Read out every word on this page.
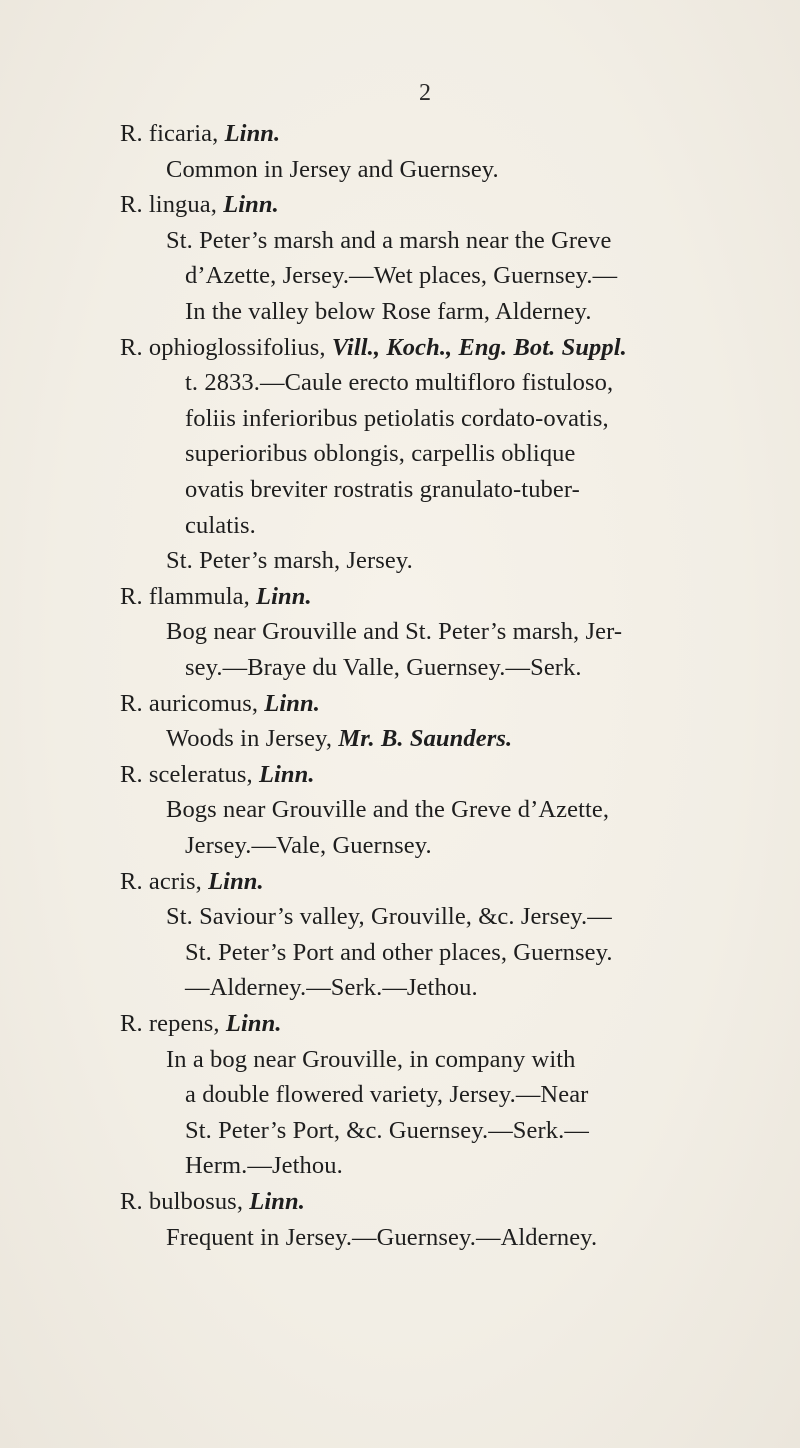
2
R. ficaria, Linn.
Common in Jersey and Guernsey.
R. lingua, Linn.
St. Peter’s marsh and a marsh near the Greve
d’Azette, Jersey.—Wet places, Guernsey.—
In the valley below Rose farm, Alderney.
R. ophioglossifolius, Vill., Koch., Eng. Bot. Suppl.
t. 2833.—Caule erecto multifloro fistuloso,
foliis inferioribus petiolatis cordato-ovatis,
superioribus oblongis, carpellis oblique
ovatis breviter rostratis granulato-tuber-
culatis.
St. Peter’s marsh, Jersey.
R. flammula, Linn.
Bog near Grouville and St. Peter’s marsh, Jer-
sey.—Braye du Valle, Guernsey.—Serk.
R. auricomus, Linn.
Woods in Jersey, Mr. B. Saunders.
R. sceleratus, Linn.
Bogs near Grouville and the Greve d’Azette,
Jersey.—Vale, Guernsey.
R. acris, Linn.
St. Saviour’s valley, Grouville, &c. Jersey.—
St. Peter’s Port and other places, Guernsey.
—Alderney.—Serk.—Jethou.
R. repens, Linn.
In a bog near Grouville, in company with
a double flowered variety, Jersey.—Near
St. Peter’s Port, &c. Guernsey.—Serk.—
Herm.—Jethou.
R. bulbosus, Linn.
Frequent in Jersey.—Guernsey.—Alderney.
